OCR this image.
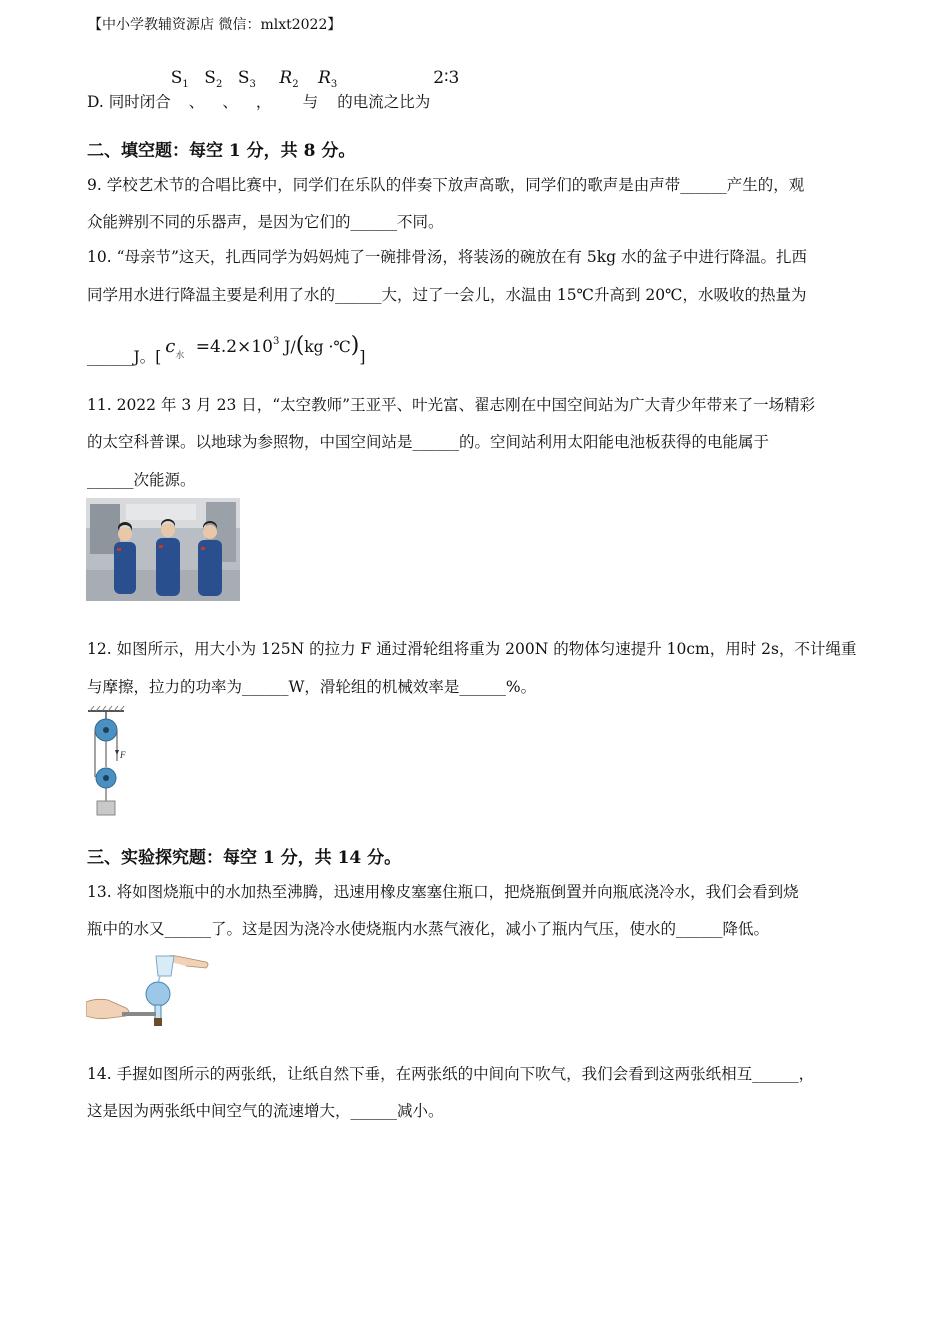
【中小学教辅资源店 微信：mlxt2022】
D. 同时闭合$S_1$、$S_2$、$S_3$，$R_2$与$R_3$的电流之比为2∶3
二、填空题：每空 1 分，共 8 分。
9. 学校艺术节的合唱比赛中，同学们在乐队的伴奏下放声高歌，同学们的歌声是由声带______产生的，观
众能辨别不同的乐器声，是因为它们的______不同。
10. “母亲节”这天，扎西同学为妈妈炖了一碗排骨汤，将装汤的碗放在有 5kg 水的盆子中进行降温。扎西
同学用水进行降温主要是利用了水的______大，过了一会儿，水温由 15℃升高到 20℃，水吸收的热量为
______J。[ $c_水 =4.2\times 10^3$ J/(kg ·℃)]
11. 2022 年 3 月 23 日，“太空教师”王亚平、叶光富、翟志刚在中国空间站为广大青少年带来了一场精彩
的太空科普课。以地球为参照物，中国空间站是______的。空间站利用太阳能电池板获得的电能属于
______次能源。
12. 如图所示，用大小为 125N 的拉力 F 通过滑轮组将重为 200N 的物体匀速提升 10cm，用时 2s，不计绳重
与摩擦，拉力的功率为______W，滑轮组的机械效率是______%。
F
三、实验探究题：每空 1 分，共 14 分。
13. 将如图烧瓶中的水加热至沸腾，迅速用橡皮塞塞住瓶口，把烧瓶倒置并向瓶底浇冷水，我们会看到烧
瓶中的水又______了。这是因为浇冷水使烧瓶内水蒸气液化，减小了瓶内气压，使水的______降低。
14. 手握如图所示的两张纸，让纸自然下垂，在两张纸的中间向下吹气，我们会看到这两张纸相互______，
这是因为两张纸中间空气的流速增大，______减小。
